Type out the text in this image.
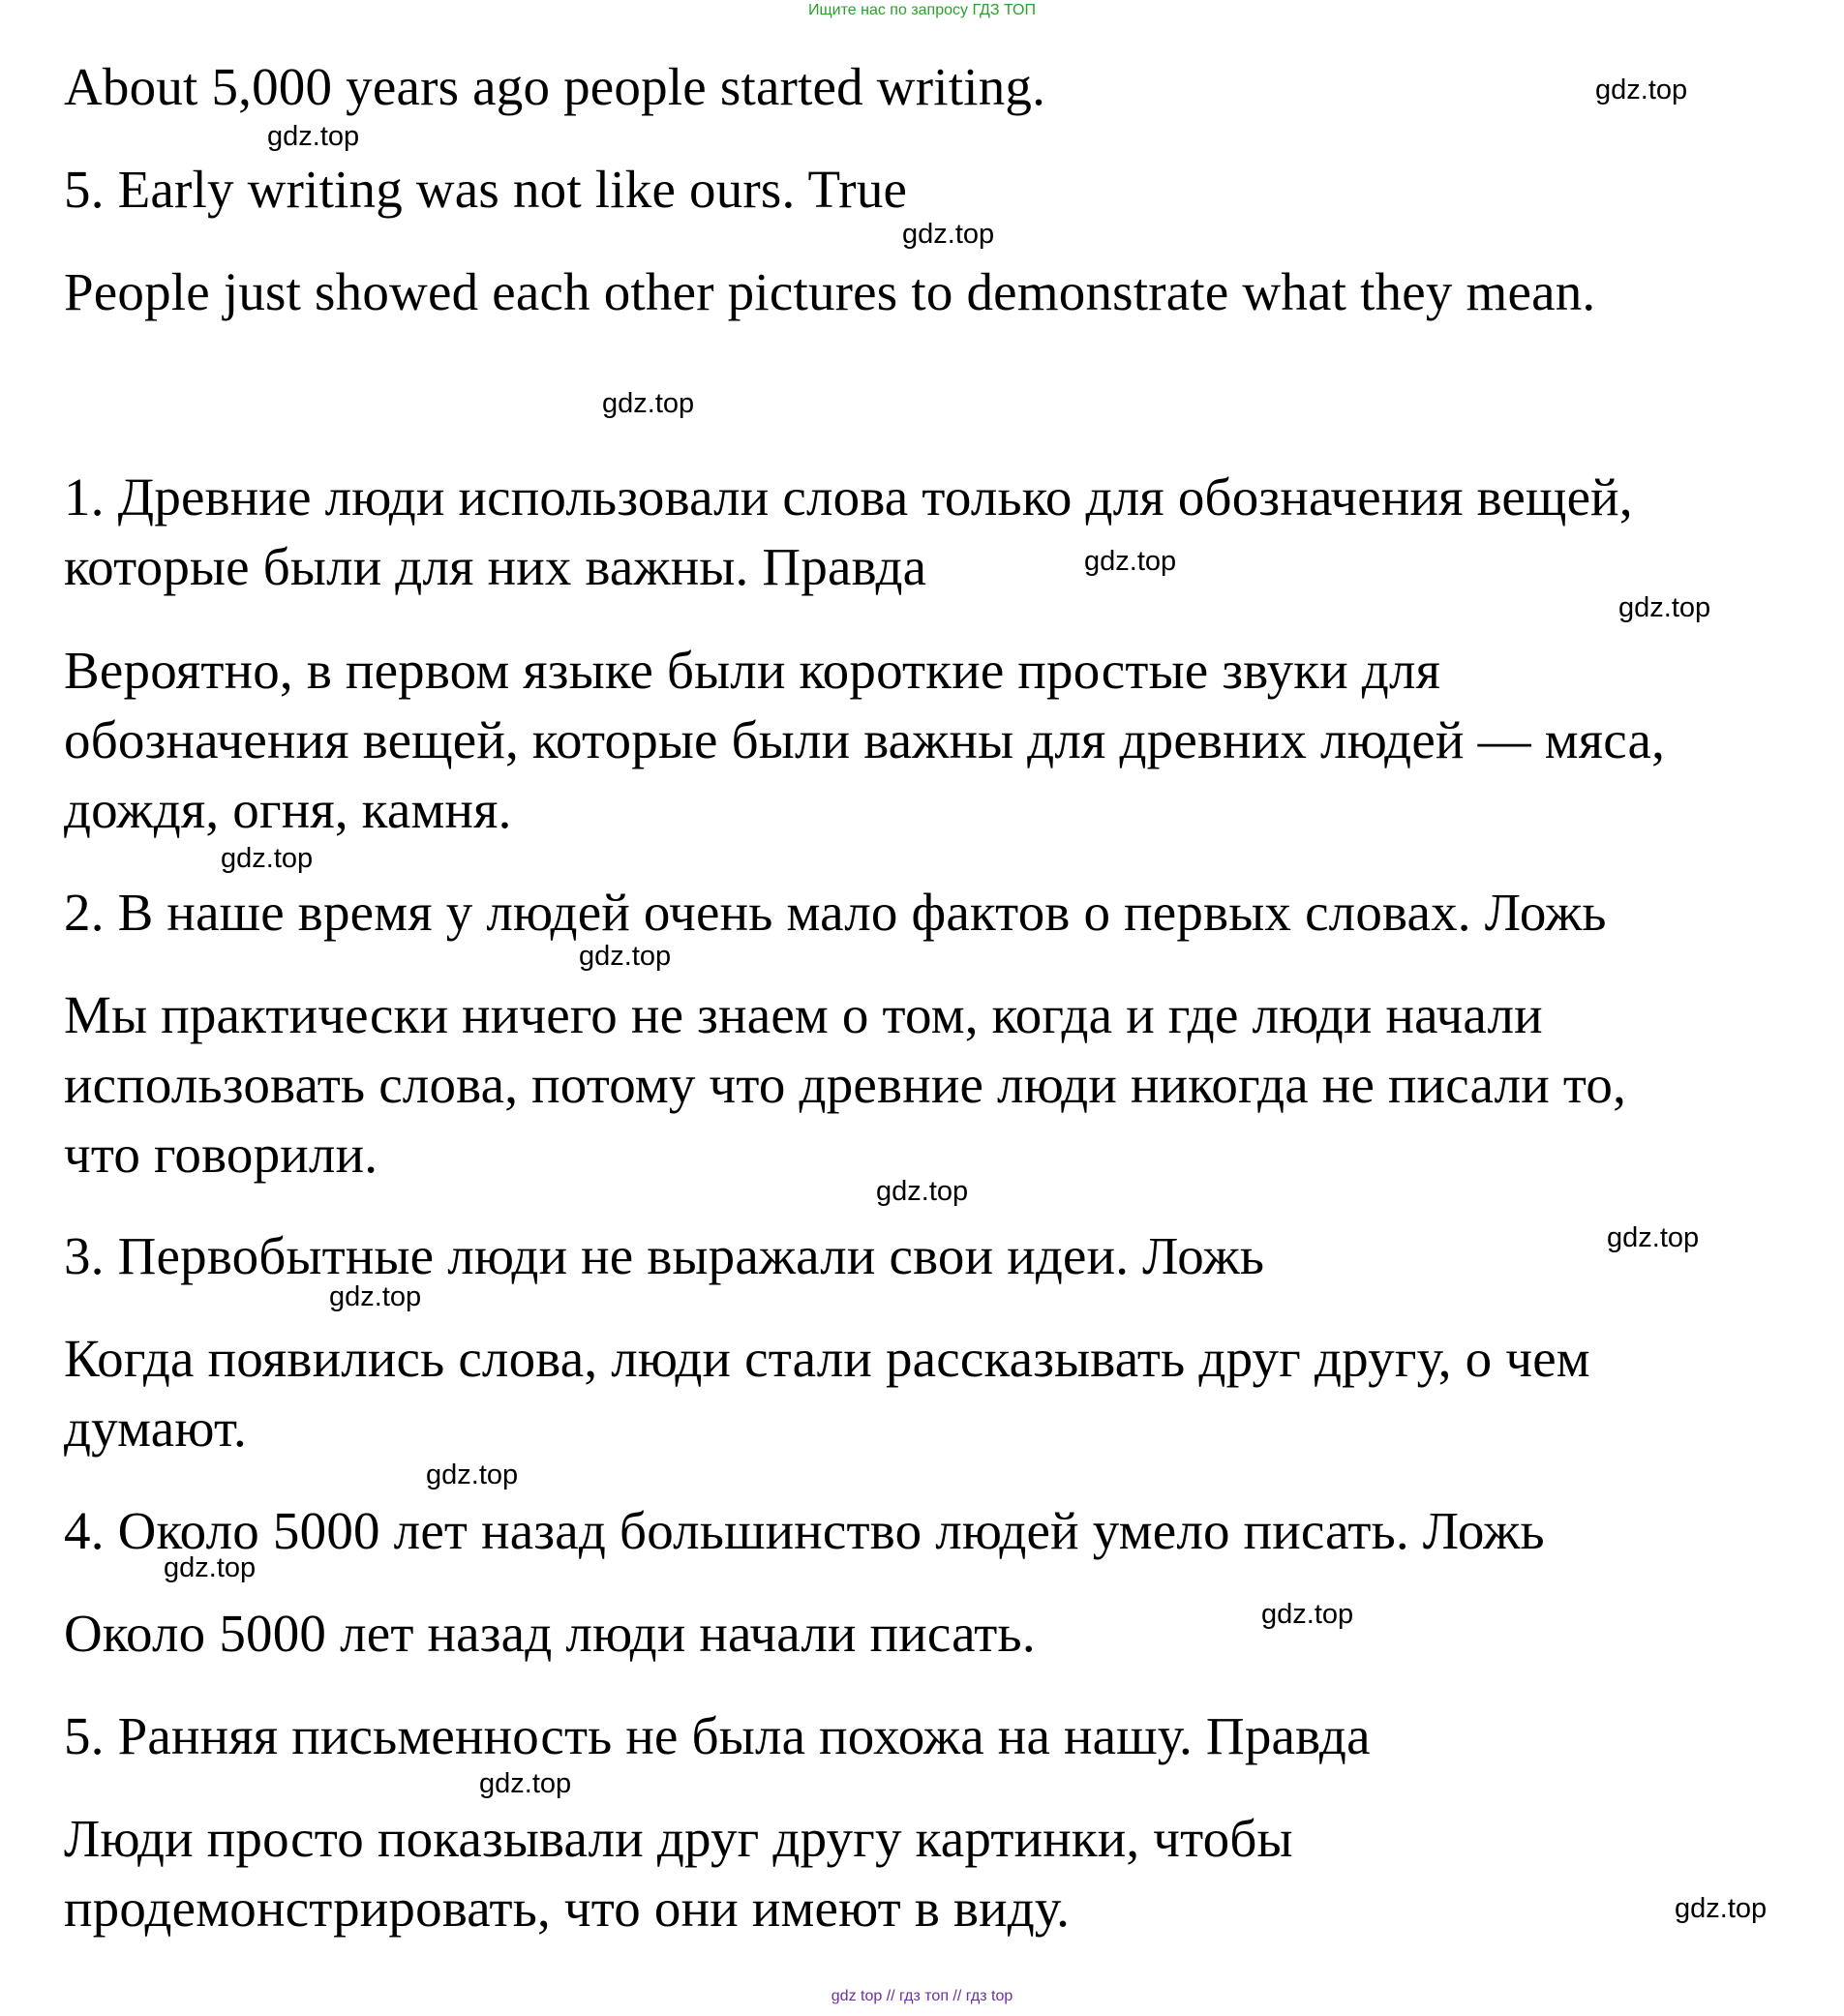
Ищите нас по запросу ГДЗ ТОП

About 5,000 years ago people started writing.

5. Early writing was not like ours. True

People just showed each other pictures to demonstrate what they mean.

1. Древние люди использовали слова только для обозначения вещей,

которые были для них важны. Правда

Вероятно, в первом языке были короткие простые звуки для

обозначения вещей, которые были важны для древних людей — мяса,

дождя, огня, камня.

2. В наше время у людей очень мало фактов о первых словах. Ложь

Мы практически ничего не знаем о том, когда и где люди начали

использовать слова, потому что древние люди никогда не писали то,

что говорили.

3. Первобытные люди не выражали свои идеи. Ложь

Когда появились слова, люди стали рассказывать друг другу, о чем

думают.

4. Около 5000 лет назад большинство людей умело писать. Ложь

Около 5000 лет назад люди начали писать.

5. Ранняя письменность не была похожа на нашу. Правда

Люди просто показывали друг другу картинки, чтобы

продемонстрировать, что они имеют в виду.

gdz.top

gdz.top

gdz.top

gdz.top

gdz.top

gdz.top

gdz.top

gdz.top

gdz.top

gdz.top

gdz.top

gdz.top

gdz.top

gdz.top

gdz.top

gdz.top

gdz top // гдз топ // гдз top
